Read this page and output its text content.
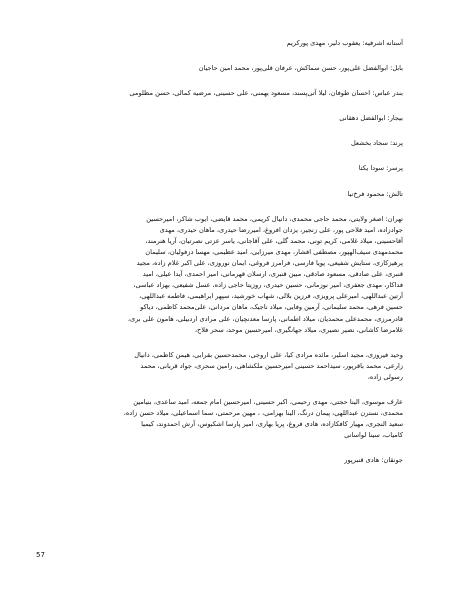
آستانه اشرفیه: یعقوب دلیر، مهدی پورکریم

بابل: ابوالفضل علی‌پور، حسن سماکش، عرفان قلی‌پور، محمد امین حاجیان

بندر عباس: احسان طوفان، لیلا آتی‌پسند، مسعود بهمنی، علی حسینی، مرضیه کمالی، حسن مظلومی

بیجار: ابوالفضل دهقانی

پرند: سجاد بخشعل

پرسر: سودا یکتا

تالش: محمود فرخ‌نیا

تهران: اصغر ولایتی، محمد حاجی محمدی، دانیال کریمی، محمد قایضی، ایوب شاکر، امیرحسین
جوادزاده، امید فلاحی پور، علی زنجیر، یزدان افروغ، امیررضا حیدری، ماهان حیدری، مهدی
آقاحسینی، میلاد غلامی، کریم تونی، محمد گلی، علی آقاجانی، یاسر عزتی نصرتیان، آریا هنرمند،
محمدمهدی سیف‌الهپور، مصطفی افشار، مهدی میرزایی، امید عظیمی، مهسا دزفولیان، سلیمان
پرهیزکاری، ستایش شفیعی، پویا فارسی، فرامرز فروغی، ایمان نوروزی، علی اکبر غلام زاده، مجید
قنبری، علی صادقی، مسعود صادقی، مبین قنبری، ارسلان قهرمانی، امیر احمدی، آیدا عیلی، امید
فداکار، مهدی جعفری، امیر نوزمانی، حسین حیدری، روزیتا حاجی زاده، عسل شفیعی، بهزاد عباسی،
آرتین عبداللهی، امیرعلی پرویزی، فرزین بلالی، شهاب خورشید، سپهر ابراهیمی، فاطمه عبداللهی،
حسین فرهی، محمد سلیمانی، آرمین وفایی، میلاد ناجیک، ماهان مردانی، علی‌محمد کاظمی، دیاکو
قادرمرزی، محمدعلی محمدیان، میلاد اطمانی، پارسا معدنچیان، علی مرادی اردبیلی، هامون علی بری،
غلامرضا کاشانی، نصیر نصیری، میلاد جهانگیری، امیرحسین موحد، سحر فلاح،

وحید فیروزی، مجید اسلیر، مائده مرادی کیا، علی اروجی، محمدحسین بقرابی، هیمن کاظمی، دانیال
زارعی، محمد باقرپور، سیداحمد حسینی امیرحسین ملکشاهی، رامین سحری، جواد قربانی، محمد
رسولی زاده،

عارف موسوی، الینا حجتی، مهدی رحیمی، اکبر حسینی، امیرحسین امام جمعه، امید ساعدی، بنیامین
محمدی، نسترن عبداللهی، پیمان درنگ، الینا بهرامی، ، مهین مرحمتی، سما اسماعیلی، میلاد حسن زاده،
سعید النجری، مهیار کافکازاده، هادی فروغ، پریا بهاری، امیر پارسا اشکبوس، آرش احمدوند، کیمیا
کامیاب، سینا لواسانی

جونقان: هادی قنبرپور

57
